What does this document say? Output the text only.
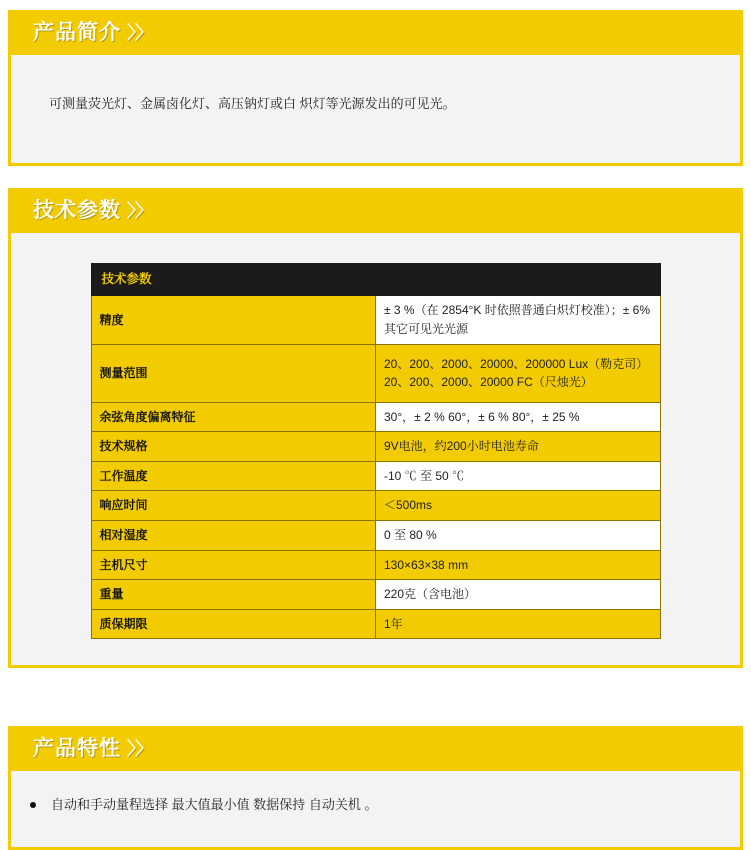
产品简介 〉〉
可测量荧光灯、金属卤化灯、高压钠灯或白 炽灯等光源发出的可见光。
技术参数 〉〉
技术参数	
精度	± 3 %（在 2854°K 时依照普通白炽灯校准）；± 6% 其它可见光光源
测量范围	20、200、2000、20000、200000 Lux（勒克司） 20、200、2000、20000 FC（尺烛光）
余弦角度偏离特征	30°，± 2 % 60°，± 6 % 80°，± 25 %
技术规格	9V电池，约200小时电池寿命
工作温度	-10 ℃ 至 50 ℃
响应时间	＜500ms
相对湿度	0 至 80 %
主机尺寸	130×63×38 mm
重量	220克（含电池）
质保期限	1年
产品特性 〉〉
自动和手动量程选择 最大值最小值 数据保持 自动关机 。
